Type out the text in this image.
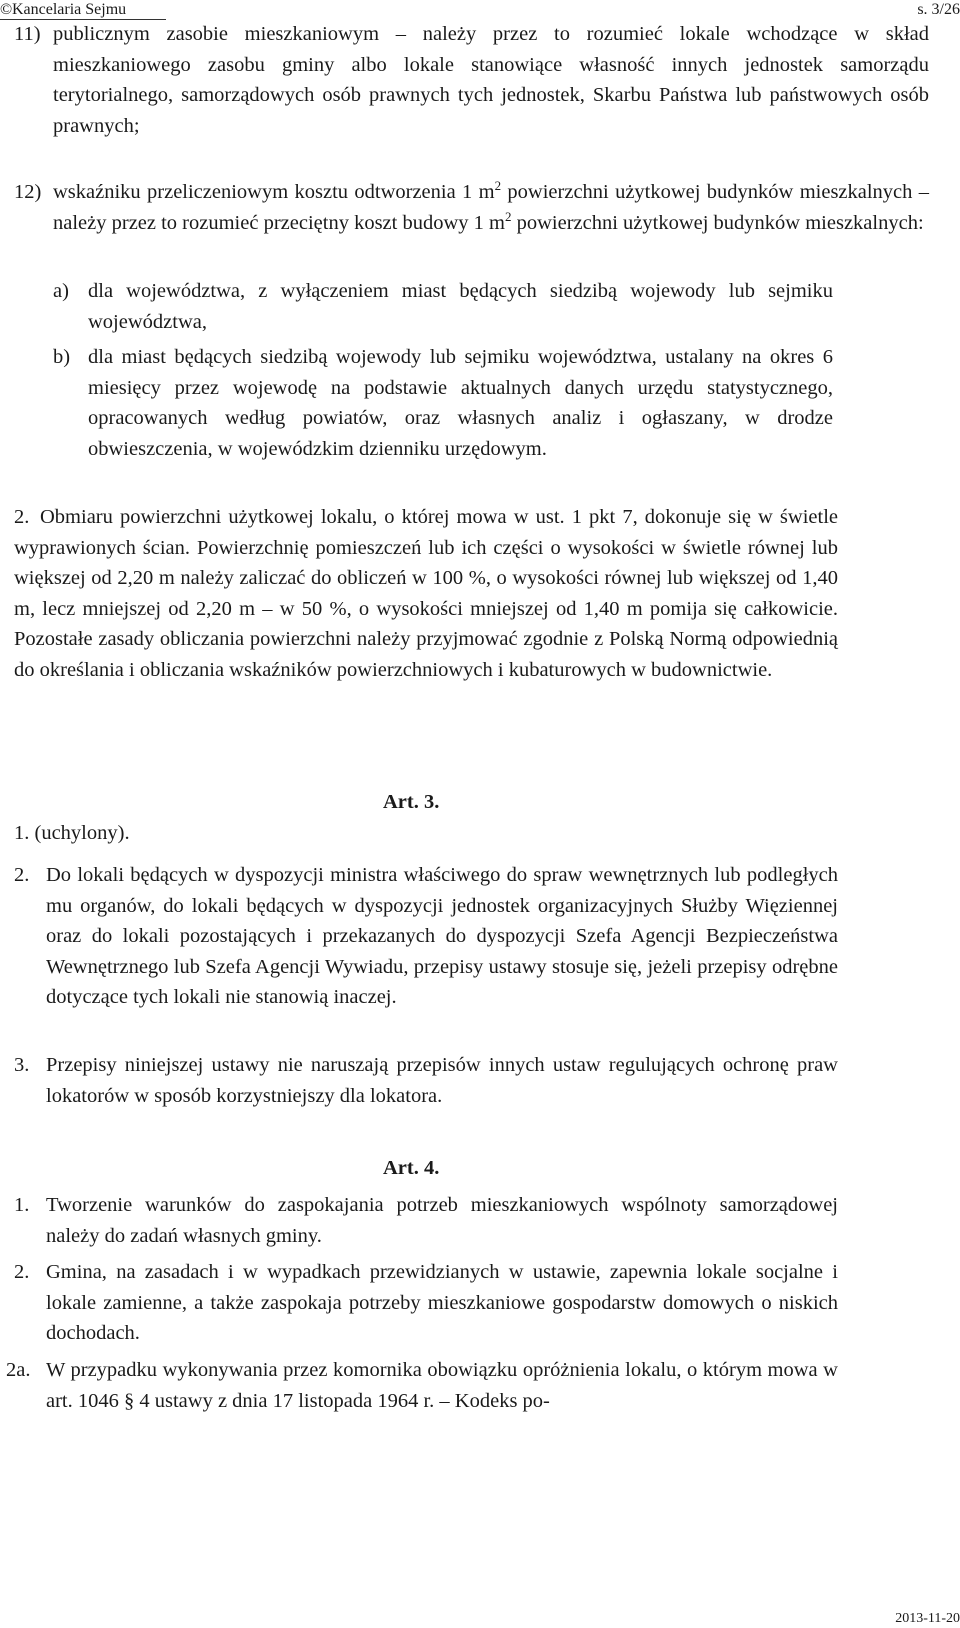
©Kancelaria Sejmu	s. 3/26
11) publicznym zasobie mieszkaniowym – należy przez to rozumieć lokale wchodzące w skład mieszkaniowego zasobu gminy albo lokale stanowiące własność innych jednostek samorządu terytorialnego, samorządowych osób prawnych tych jednostek, Skarbu Państwa lub państwowych osób prawnych;
12) wskaźniku przeliczeniowym kosztu odtworzenia 1 $m^2$ powierzchni użytkowej budynków mieszkalnych – należy przez to rozumieć przeciętny koszt budowy 1 $m^2$ powierzchni użytkowej budynków mieszkalnych:
a) dla województwa, z wyłączeniem miast będących siedzibą wojewody lub sejmiku województwa,
b) dla miast będących siedzibą wojewody lub sejmiku województwa, ustalany na okres 6 miesięcy przez wojewodę na podstawie aktualnych danych urzędu statystycznego, opracowanych według powiatów, oraz własnych analiz i ogłaszany, w drodze obwieszczenia, w wojewódzkim dzienniku urzędowym.
2. Obmiaru powierzchni użytkowej lokalu, o której mowa w ust. 1 pkt 7, dokonuje się w świetle wyprawionych ścian. Powierzchnię pomieszczeń lub ich części o wysokości w świetle równej lub większej od 2,20 m należy zaliczać do obliczeń w 100 %, o wysokości równej lub większej od 1,40 m, lecz mniejszej od 2,20 m – w 50 %, o wysokości mniejszej od 1,40 m pomija się całkowicie. Pozostałe zasady obliczania powierzchni należy przyjmować zgodnie z Polską Normą odpowiednią do określania i obliczania wskaźników powierzchniowych i kubaturowych w budownictwie.
Art. 3.
1. (uchylony).
2. Do lokali będących w dyspozycji ministra właściwego do spraw wewnętrznych lub podległych mu organów, do lokali będących w dyspozycji jednostek organizacyjnych Służby Więziennej oraz do lokali pozostających i przekazanych do dyspozycji Szefa Agencji Bezpieczeństwa Wewnętrznego lub Szefa Agencji Wywiadu, przepisy ustawy stosuje się, jeżeli przepisy odrębne dotyczące tych lokali nie stanowią inaczej.
3. Przepisy niniejszej ustawy nie naruszają przepisów innych ustaw regulujących ochronę praw lokatorów w sposób korzystniejszy dla lokatora.
Art. 4.
1. Tworzenie warunków do zaspokajania potrzeb mieszkaniowych wspólnoty samorządowej należy do zadań własnych gminy.
2. Gmina, na zasadach i w wypadkach przewidzianych w ustawie, zapewnia lokale socjalne i lokale zamienne, a także zaspokaja potrzeby mieszkaniowe gospodarstw domowych o niskich dochodach.
2a. W przypadku wykonywania przez komornika obowiązku opróżnienia lokalu, o którym mowa w art. 1046 § 4 ustawy z dnia 17 listopada 1964 r. – Kodeks po-
2013-11-20
